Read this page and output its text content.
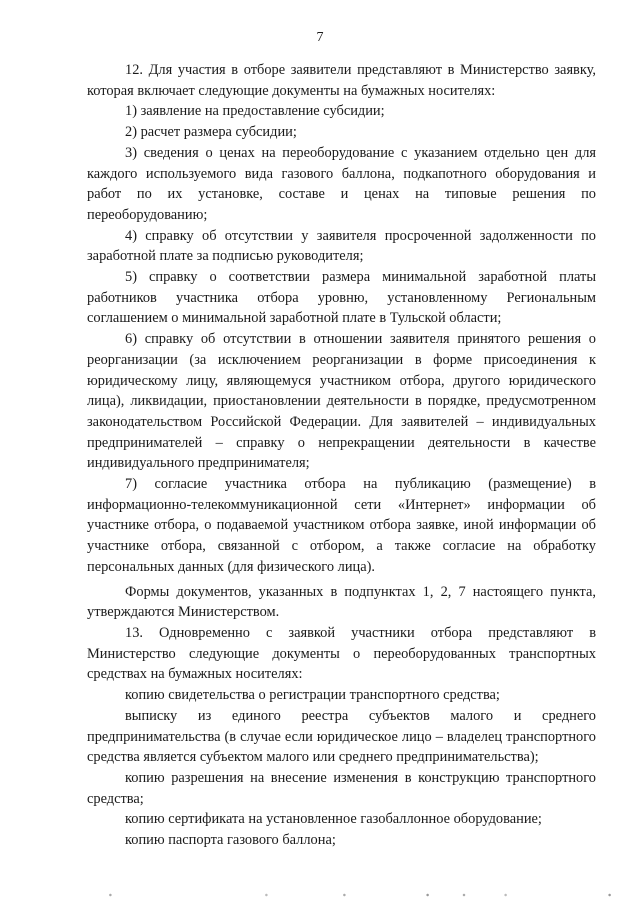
7

12. Для участия в отборе заявители представляют в Министерство заявку, которая включает следующие документы на бумажных носителях:

1) заявление на предоставление субсидии;

2) расчет размера субсидии;

3) сведения о ценах на переоборудование с указанием отдельно цен для каждого используемого вида газового баллона, подкапотного оборудования и работ по их установке, составе и ценах на типовые решения по переоборудованию;

4) справку об отсутствии у заявителя просроченной задолженности по заработной плате за подписью руководителя;

5) справку о соответствии размера минимальной заработной платы работников участника отбора уровню, установленному Региональным соглашением о минимальной заработной плате в Тульской области;

6) справку об отсутствии в отношении заявителя принятого решения о реорганизации (за исключением реорганизации в форме присоединения к юридическому лицу, являющемуся участником отбора, другого юридического лица), ликвидации, приостановлении деятельности в порядке, предусмотренном законодательством Российской Федерации. Для заявителей – индивидуальных предпринимателей – справку о непрекращении деятельности в качестве индивидуального предпринимателя;

7) согласие участника отбора на публикацию (размещение) в информационно-телекоммуникационной сети «Интернет» информации об участнике отбора, о подаваемой участником отбора заявке, иной информации об участнике отбора, связанной с отбором, а также согласие на обработку персональных данных (для физического лица).

Формы документов, указанных в подпунктах 1, 2, 7 настоящего пункта, утверждаются Министерством.

13. Одновременно с заявкой участники отбора представляют в Министерство следующие документы о переоборудованных транспортных средствах на бумажных носителях:

копию свидетельства о регистрации транспортного средства;

выписку из единого реестра субъектов малого и среднего предпринимательства (в случае если юридическое лицо – владелец транспортного средства является субъектом малого или среднего предпринимательства);

копию разрешения на внесение изменения в конструкцию транспортного средства;

копию сертификата на установленное газобаллонное оборудование;

копию паспорта газового баллона;
